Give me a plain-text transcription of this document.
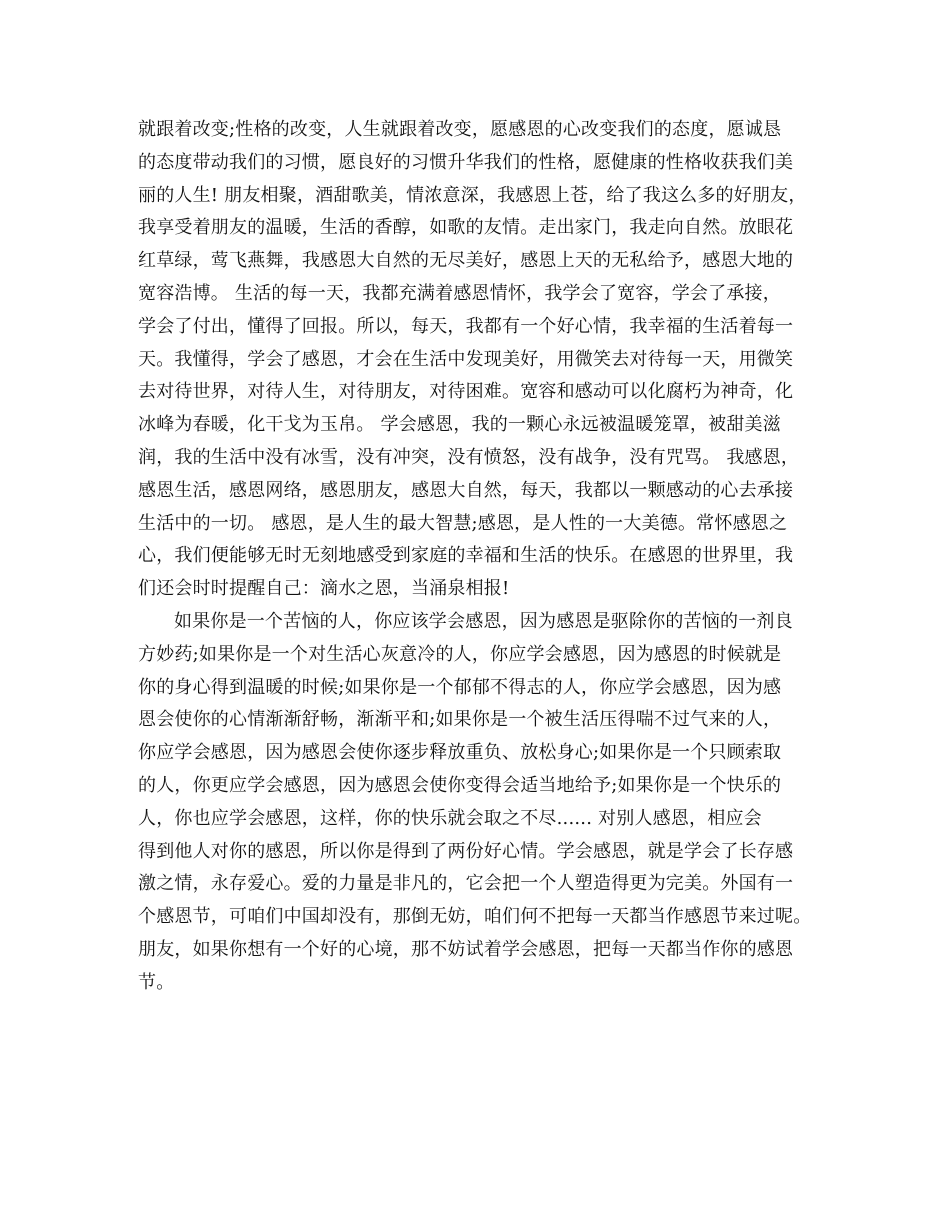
就跟着改变;性格的改变，人生就跟着改变，愿感恩的心改变我们的态度，愿诚恳
的态度带动我们的习惯，愿良好的习惯升华我们的性格，愿健康的性格收获我们美
丽的人生! 朋友相聚，酒甜歌美，情浓意深，我感恩上苍，给了我这么多的好朋友，
我享受着朋友的温暖，生活的香醇，如歌的友情。走出家门，我走向自然。放眼花
红草绿，莺飞燕舞，我感恩大自然的无尽美好，感恩上天的无私给予，感恩大地的
宽容浩博。 生活的每一天，我都充满着感恩情怀，我学会了宽容，学会了承接，
学会了付出，懂得了回报。所以，每天，我都有一个好心情，我幸福的生活着每一
天。我懂得，学会了感恩，才会在生活中发现美好，用微笑去对待每一天，用微笑
去对待世界，对待人生，对待朋友，对待困难。宽容和感动可以化腐朽为神奇，化
冰峰为春暖，化干戈为玉帛。 学会感恩，我的一颗心永远被温暖笼罩，被甜美滋
润，我的生活中没有冰雪，没有冲突，没有愤怒，没有战争，没有咒骂。 我感恩，
感恩生活，感恩网络，感恩朋友，感恩大自然，每天，我都以一颗感动的心去承接
生活中的一切。 感恩，是人生的最大智慧;感恩，是人性的一大美德。常怀感恩之
心，我们便能够无时无刻地感受到家庭的幸福和生活的快乐。在感恩的世界里，我
们还会时时提醒自己：滴水之恩，当涌泉相报!
如果你是一个苦恼的人，你应该学会感恩，因为感恩是驱除你的苦恼的一剂良
方妙药;如果你是一个对生活心灰意冷的人，你应学会感恩，因为感恩的时候就是
你的身心得到温暖的时候;如果你是一个郁郁不得志的人，你应学会感恩，因为感
恩会使你的心情渐渐舒畅，渐渐平和;如果你是一个被生活压得喘不过气来的人，
你应学会感恩，因为感恩会使你逐步释放重负、放松身心;如果你是一个只顾索取
的人，你更应学会感恩，因为感恩会使你变得会适当地给予;如果你是一个快乐的
人，你也应学会感恩，这样，你的快乐就会取之不尽...... 对别人感恩，相应会
得到他人对你的感恩，所以你是得到了两份好心情。学会感恩，就是学会了长存感
激之情，永存爱心。爱的力量是非凡的，它会把一个人塑造得更为完美。外国有一
个感恩节，可咱们中国却没有，那倒无妨，咱们何不把每一天都当作感恩节来过呢。
朋友，如果你想有一个好的心境，那不妨试着学会感恩，把每一天都当作你的感恩
节。
